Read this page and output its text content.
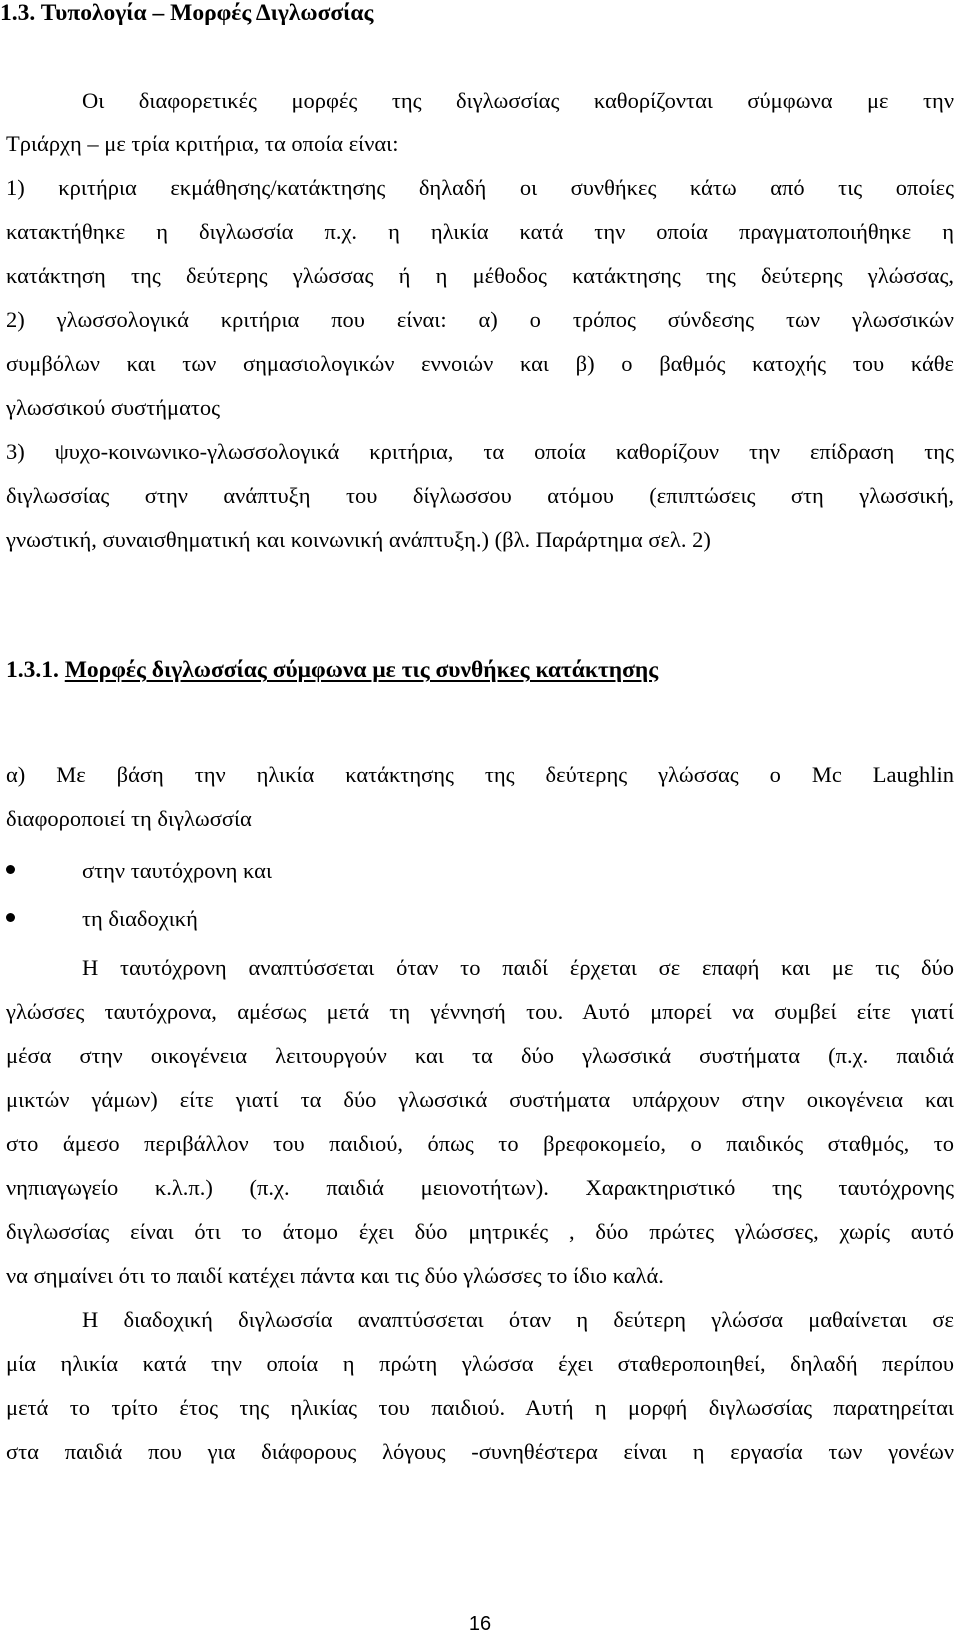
1.3. Τυπολογία – Μορφές Διγλωσσίας
Οι διαφορετικές μορφές της διγλωσσίας καθορίζονται σύμφωνα με την
Τριάρχη – με τρία κριτήρια, τα οποία είναι:
1) κριτήρια εκμάθησης/κατάκτησης δηλαδή οι συνθήκες κάτω από τις οποίες
κατακτήθηκε η διγλωσσία π.χ. η ηλικία κατά την οποία πραγματοποιήθηκε η
κατάκτηση της δεύτερης γλώσσας ή η μέθοδος κατάκτησης της δεύτερης γλώσσας,
2) γλωσσολογικά κριτήρια που είναι: α) ο τρόπος σύνδεσης των γλωσσικών
συμβόλων και των σημασιολογικών εννοιών και β) ο βαθμός κατοχής του κάθε
γλωσσικού συστήματος
3) ψυχο-κοινωνικο-γλωσσολογικά κριτήρια, τα οποία καθορίζουν την επίδραση της
διγλωσσίας στην ανάπτυξη του δίγλωσσου ατόμου (επιπτώσεις στη γλωσσική,
γνωστική, συναισθηματική και κοινωνική ανάπτυξη.) (βλ. Παράρτημα σελ. 2)
1.3.1. Μορφές διγλωσσίας σύμφωνα με τις συνθήκες κατάκτησης
α) Με βάση την ηλικία κατάκτησης της δεύτερης γλώσσας ο Mc Laughlin
διαφοροποιεί τη διγλωσσία
στην ταυτόχρονη και
τη διαδοχική
Η ταυτόχρονη αναπτύσσεται όταν το παιδί έρχεται σε επαφή και με τις δύο
γλώσσες ταυτόχρονα, αμέσως μετά τη γέννησή του. Αυτό μπορεί να συμβεί είτε γιατί
μέσα στην οικογένεια λειτουργούν και τα δύο γλωσσικά συστήματα (π.χ. παιδιά
μικτών γάμων) είτε γιατί τα δύο γλωσσικά συστήματα υπάρχουν στην οικογένεια και
στο άμεσο περιβάλλον του παιδιού, όπως το βρεφοκομείο, ο παιδικός σταθμός, το
νηπιαγωγείο κ.λ.π.) (π.χ. παιδιά μειονοτήτων). Χαρακτηριστικό της ταυτόχρονης
διγλωσσίας είναι ότι το άτομο έχει δύο μητρικές , δύο πρώτες γλώσσες, χωρίς αυτό
να σημαίνει ότι το παιδί κατέχει πάντα και τις δύο γλώσσες το ίδιο καλά.
Η διαδοχική διγλωσσία αναπτύσσεται όταν η δεύτερη γλώσσα μαθαίνεται σε
μία ηλικία κατά την οποία η πρώτη γλώσσα έχει σταθεροποιηθεί, δηλαδή περίπου
μετά το τρίτο έτος της ηλικίας του παιδιού. Αυτή η μορφή διγλωσσίας παρατηρείται
στα παιδιά που για διάφορους λόγους -συνηθέστερα είναι η εργασία των γονέων
16
